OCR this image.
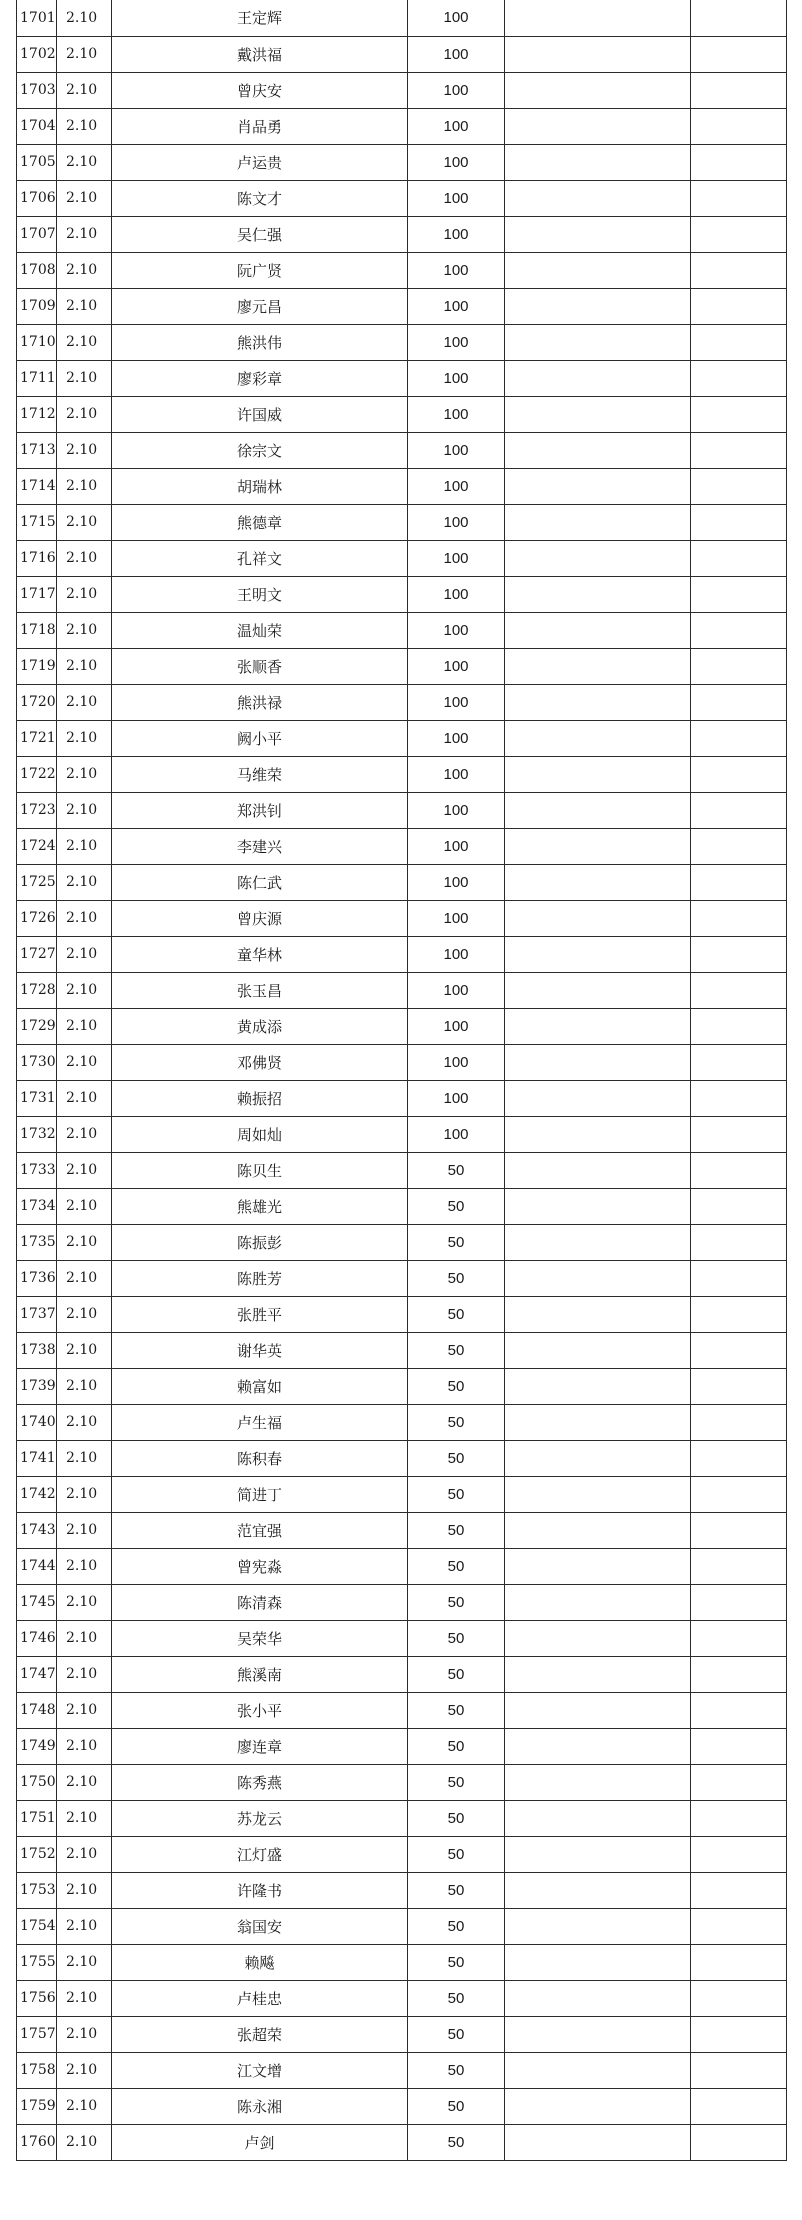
1701	2.10	王定辉	100		
1702	2.10	戴洪福	100		
1703	2.10	曾庆安	100		
1704	2.10	肖品勇	100		
1705	2.10	卢运贵	100		
1706	2.10	陈文才	100		
1707	2.10	吴仁强	100		
1708	2.10	阮广贤	100		
1709	2.10	廖元昌	100		
1710	2.10	熊洪伟	100		
1711	2.10	廖彩章	100		
1712	2.10	许国威	100		
1713	2.10	徐宗文	100		
1714	2.10	胡瑞林	100		
1715	2.10	熊德章	100		
1716	2.10	孔祥文	100		
1717	2.10	王明文	100		
1718	2.10	温灿荣	100		
1719	2.10	张顺香	100		
1720	2.10	熊洪禄	100		
1721	2.10	阙小平	100		
1722	2.10	马维荣	100		
1723	2.10	郑洪钊	100		
1724	2.10	李建兴	100		
1725	2.10	陈仁武	100		
1726	2.10	曾庆源	100		
1727	2.10	童华林	100		
1728	2.10	张玉昌	100		
1729	2.10	黄成添	100		
1730	2.10	邓佛贤	100		
1731	2.10	赖振招	100		
1732	2.10	周如灿	100		
1733	2.10	陈贝生	50		
1734	2.10	熊雄光	50		
1735	2.10	陈振彭	50		
1736	2.10	陈胜芳	50		
1737	2.10	张胜平	50		
1738	2.10	谢华英	50		
1739	2.10	赖富如	50		
1740	2.10	卢生福	50		
1741	2.10	陈积春	50		
1742	2.10	简进丁	50		
1743	2.10	范宜强	50		
1744	2.10	曾宪淼	50		
1745	2.10	陈清森	50		
1746	2.10	吴荣华	50		
1747	2.10	熊溪南	50		
1748	2.10	张小平	50		
1749	2.10	廖连章	50		
1750	2.10	陈秀燕	50		
1751	2.10	苏龙云	50		
1752	2.10	江灯盛	50		
1753	2.10	许隆书	50		
1754	2.10	翁国安	50		
1755	2.10	赖飚	50		
1756	2.10	卢桂忠	50		
1757	2.10	张超荣	50		
1758	2.10	江文增	50		
1759	2.10	陈永湘	50		
1760	2.10	卢剑	50		
